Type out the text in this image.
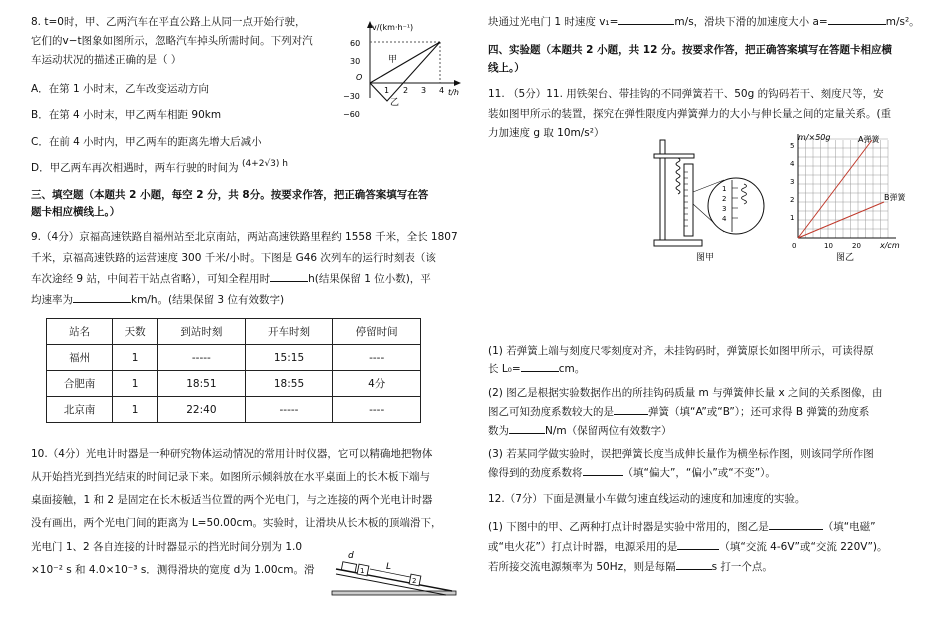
8. t=0时，甲、乙两汽车在平直公路上从同一点开始行驶，
它们的v−t图象如图所示，忽略汽车掉头所需时间。下列对汽
车运动状况的描述正确的是（ ）
A．在第 1 小时末，乙车改变运动方向
B．在第 4 小时末，甲乙两车相距 90km
C．在前 4 小时内，甲乙两车的距离先增大后减小
D．甲乙两车再次相遇时，两车行驶的时间为 (4+2√3) h
v/(km·h⁻¹)
t/h
60
30
O
−30
−60
1 2 3 4
甲
乙
三、填空题（本题共 2 小题，每空 2 分，共 8分。按要求作答，把正确答案填写在答
题卡相应横线上。）
9.（4分）京福高速铁路自福州站至北京南站，两站高速铁路里程约 1558 千米，全长 1807
千米，京福高速铁路的运营速度 300 千米/小时。下图是 G46 次列车的运行时刻表（该
车次途经 9 站，中间若干站点省略），可知全程用时	h(结果保留 1 位小数)，平
均速率为	km/h。(结果保留 3 位有效数字)
站名	天数	到站时刻	开车时刻	停留时间
福州	1	-----	15:15	----
合肥南	1	18:51	18:55	4分
北京南	1	22:40	-----	----
10.（4分）光电计时器是一种研究物体运动情况的常用计时仪器，它可以精确地把物体
从开始挡光到挡光结束的时间记录下来。如图所示倾斜放在水平桌面上的长木板下端与
桌面接触，1 和 2 是固定在长木板适当位置的两个光电门，与之连接的两个光电计时器
没有画出，两个光电门间的距离为 L=50.00cm。实验时，让滑块从长木板的顶端滑下，
光电门 1、2 各自连接的计时器显示的挡光时间分别为 1.0
×10⁻² s 和 4.0×10⁻³ s．测得滑块的宽度 d为 1.00cm。滑
d
L
1
2
块通过光电门 1 时速度 v₁=	m/s，滑块下滑的加速度大小 a=	m/s²。
四、实验题（本题共 2 小题，共 12 分。按要求作答，把正确答案填写在答题卡相应横
线上。）
11. （5分）11. 用铁架台、带挂钩的不同弹簧若干、50g 的钩码若干、刻度尺等，安
装如图甲所示的装置，探究在弹性限度内弹簧弹力的大小与伸长量之间的定量关系。(重
力加速度 g 取 10m/s²）
1
2
3
4
图甲
m/×50g
x/cm
1
2
3
4
5
0	10	20
A弹簧
B弹簧
图乙
(1) 若弹簧上端与刻度尺零刻度对齐，未挂钩码时，弹簧原长如图甲所示，可读得原
长 L₀=	cm。
(2) 图乙是根据实验数据作出的所挂钩码质量 m 与弹簧伸长量 x 之间的关系图像，由
图乙可知劲度系数较大的是	弹簧（填“A”或“B”）；还可求得 B 弹簧的劲度系
数为	N/m（保留两位有效数字）
(3) 若某同学做实验时，误把弹簧长度当成伸长量作为横坐标作图，则该同学所作图
像得到的劲度系数将	（填“偏大”，“偏小”或“不变”）。
12.（7分）下面是测量小车做匀速直线运动的速度和加速度的实验。
(1) 下图中的甲、乙两种打点计时器是实验中常用的，图乙是	（填“电磁”
或“电火花”）打点计时器，电源采用的是	（填“交流 4-6V”或“交流 220V”)。
若所接交流电源频率为 50Hz，则是每隔	s 打一个点。
